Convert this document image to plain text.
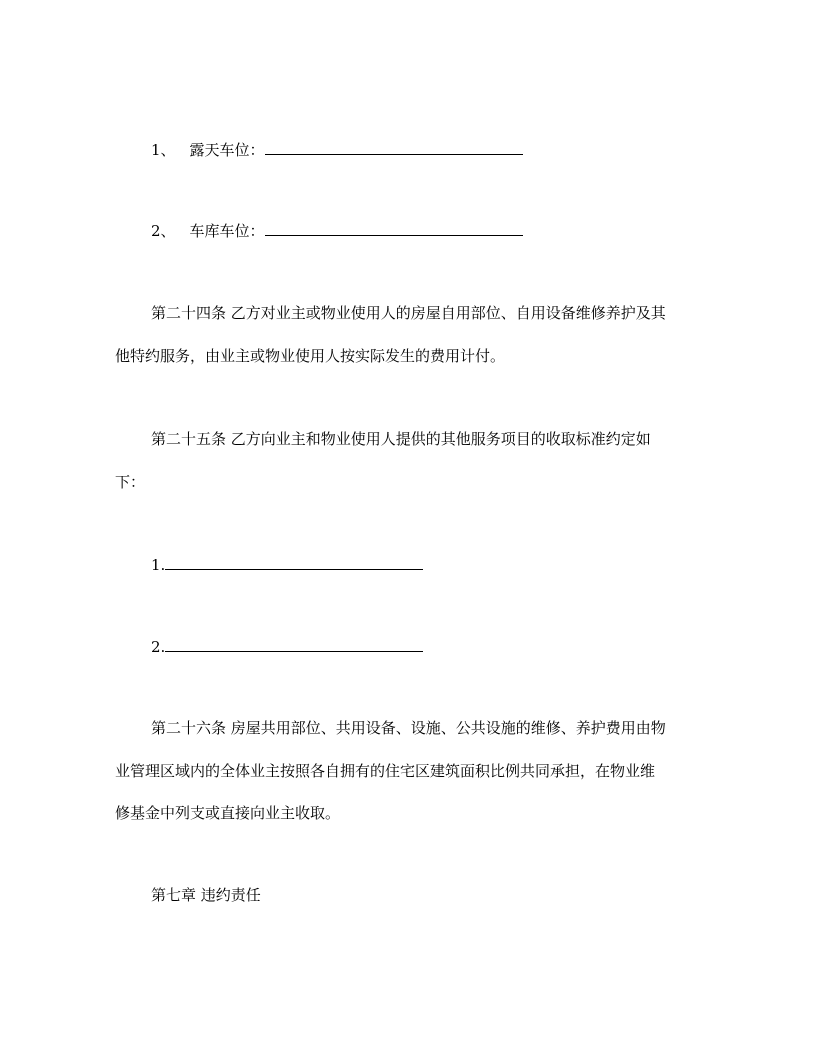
1、 露天车位：
2、 车库车位：
第二十四条 乙方对业主或物业使用人的房屋自用部位、自用设备维修养护及其
他特约服务，由业主或物业使用人按实际发生的费用计付。
第二十五条 乙方向业主和物业使用人提供的其他服务项目的收取标准约定如
下：
1.
2.
第二十六条 房屋共用部位、共用设备、设施、公共设施的维修、养护费用由物
业管理区域内的全体业主按照各自拥有的住宅区建筑面积比例共同承担，在物业维
修基金中列支或直接向业主收取。
第七章 违约责任
